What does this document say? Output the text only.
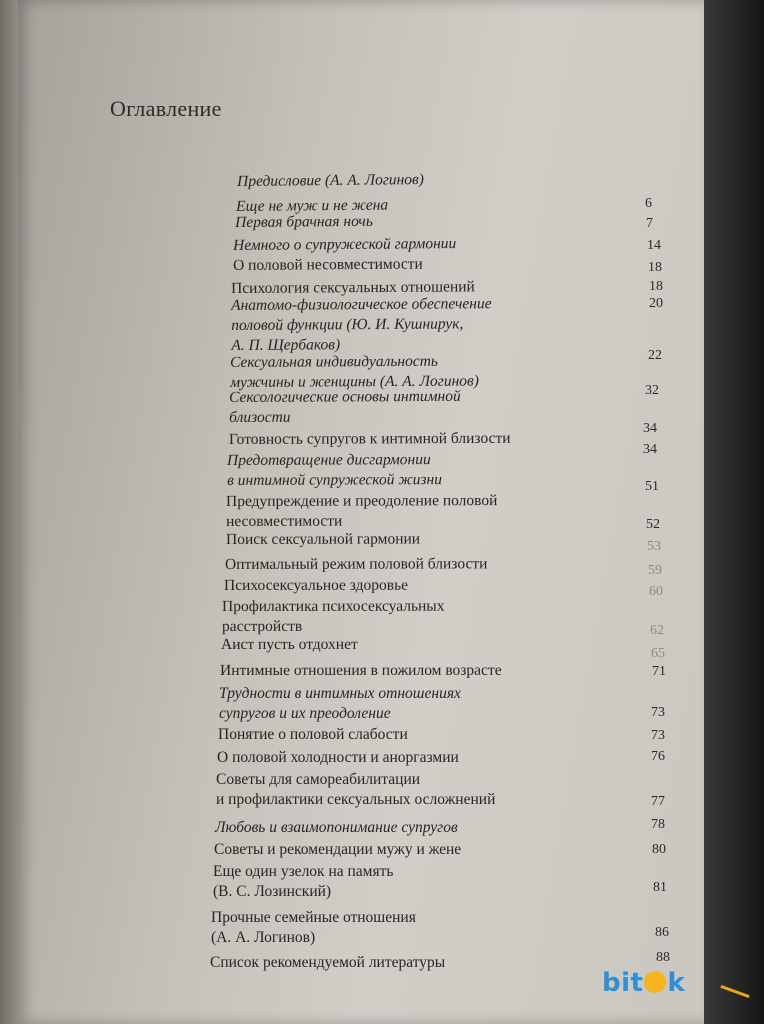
Оглавление
Предисловие (А. А. Логинов)
Еще не муж и не жена
Первая брачная ночь
Немного о супружеской гармонии
О половой несовместимости
Психология сексуальных отношений
Анатомо-физиологическое обеспечение
половой функции (Ю. И. Кушнирук,
А. П. Щербаков)
Сексуальная индивидуальность
мужчины и женщины (А. А. Логинов)
Сексологические основы интимной
близости
Готовность супругов к интимной близости
Предотвращение дисгармонии
в интимной супружеской жизни
Предупреждение и преодоление половой
несовместимости
Поиск сексуальной гармонии
Оптимальный режим половой близости
Психосексуальное здоровье
Профилактика психосексуальных
расстройств
Аист пусть отдохнет
Интимные отношения в пожилом возрасте
Трудности в интимных отношениях
супругов и их преодоление
Понятие о половой слабости
О половой холодности и аноргазмии
Советы для самореабилитации
и профилактики сексуальных осложнений
Любовь и взаимопонимание супругов
Советы и рекомендации мужу и жене
Еще один узелок на память
(В. С. Лозинский)
Прочные семейные отношения
(А. А. Логинов)
Список рекомендуемой литературы
6
7
14
18
18
20
22
32
34
34
51
52
53
59
60
62
65
71
73
73
76
77
78
80
81
86
88
bit k
